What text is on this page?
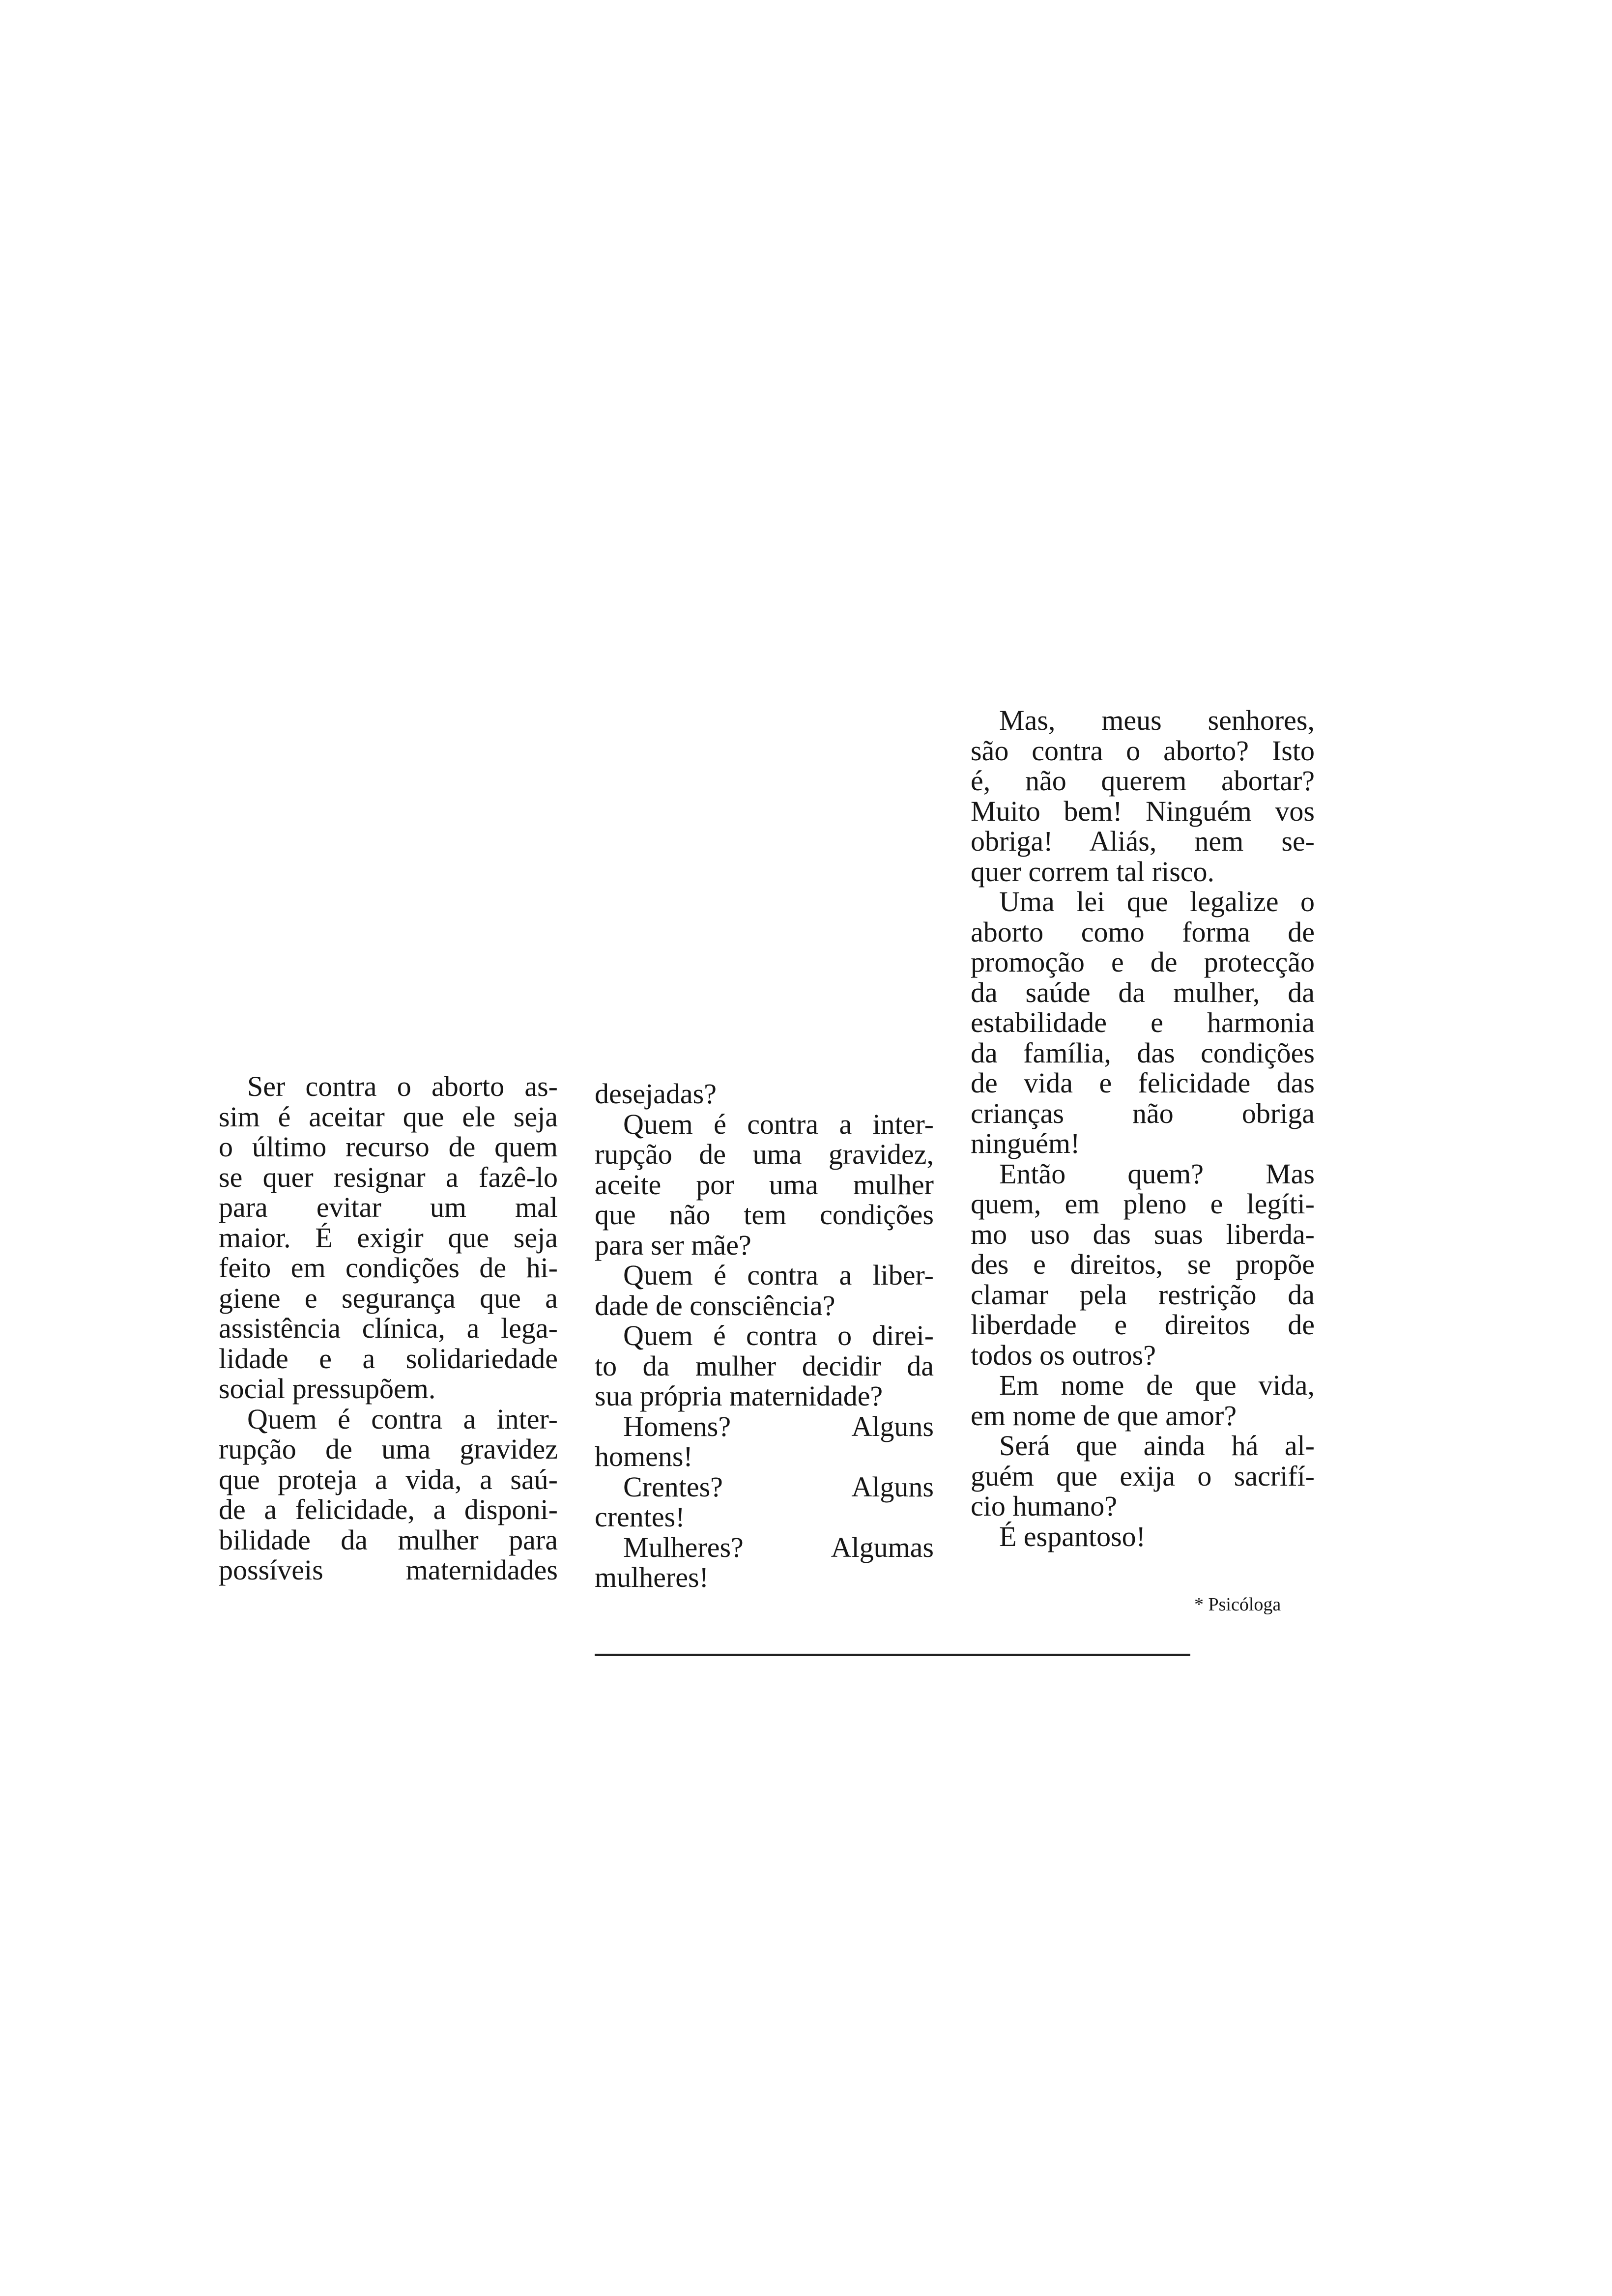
Ser contra o aborto as-
sim é aceitar que ele seja
o último recurso de quem
se quer resignar a fazê-lo
para evitar um mal
maior. É exigir que seja
feito em condições de hi-
giene e segurança que a
assistência clínica, a lega-
lidade e a solidariedade
social pressupõem.

Quem é contra a inter-
rupção de uma gravidez
que proteja a vida, a saú-
de a felicidade, a disponi-
bilidade da mulher para
possíveis maternidades

desejadas?

Quem é contra a inter-
rupção de uma gravidez,
aceite por uma mulher
que não tem condições
para ser mãe?

Quem é contra a liber-
dade de consciência?

Quem é contra o direi-
to da mulher decidir da
sua própria maternidade?

Homens? Alguns
homens!

Crentes? Alguns
crentes!

Mulheres? Algumas
mulheres!

Mas, meus senhores,
são contra o aborto? Isto
é, não querem abortar?
Muito bem! Ninguém vos
obriga! Aliás, nem se-
quer correm tal risco.

Uma lei que legalize o
aborto como forma de
promoção e de protecção
da saúde da mulher, da
estabilidade e harmonia
da família, das condições
de vida e felicidade das
crianças não obriga
ninguém!

Então quem? Mas
quem, em pleno e legíti-
mo uso das suas liberda-
des e direitos, se propõe
clamar pela restrição da
liberdade e direitos de
todos os outros?

Em nome de que vida,
em nome de que amor?

Será que ainda há al-
guém que exija o sacrifí-
cio humano?

É espantoso!

* Psicóloga
